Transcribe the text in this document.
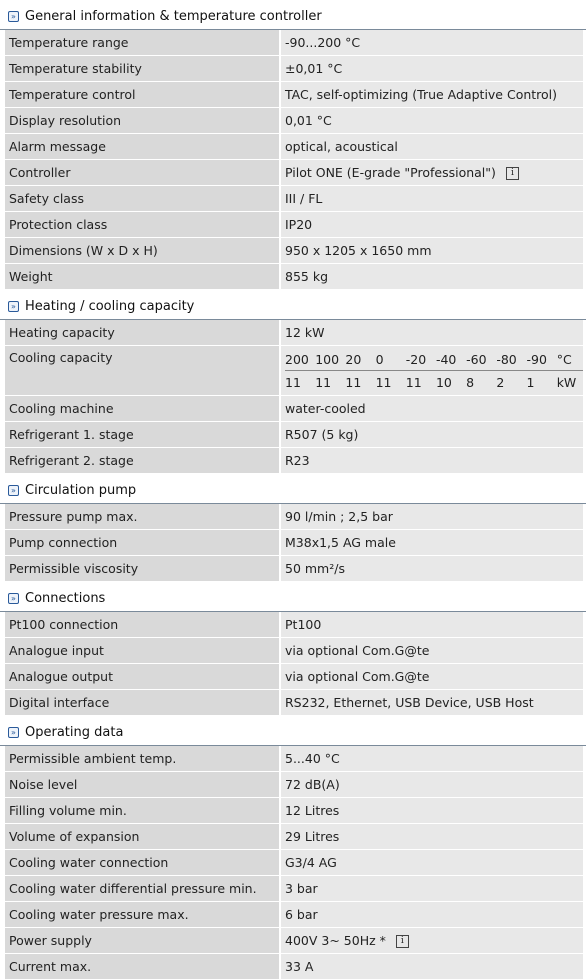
» General information & temperature controller
Temperature range	-90...200 °C
Temperature stability	±0,01 °C
Temperature control	TAC, self-optimizing (True Adaptive Control)
Display resolution	0,01 °C
Alarm message	optical, acoustical
Controller	Pilot ONE (E-grade "Professional") i
Safety class	III / FL
Protection class	IP20
Dimensions (W x D x H)	950 x 1205 x 1650 mm
Weight	855 kg
» Heating / cooling capacity
Heating capacity	12 kW
Cooling capacity		200	100	20	0	-20	-40	-60	-80	-90	°C
11	11	11	11	11	10	8	2	1	kW

Cooling machine	water-cooled
Refrigerant 1. stage	R507 (5 kg)
Refrigerant 2. stage	R23
» Circulation pump
Pressure pump max.	90 l/min ; 2,5 bar
Pump connection	M38x1,5 AG male
Permissible viscosity	50 mm²/s
» Connections
Pt100 connection	Pt100
Analogue input	via optional Com.G@te
Analogue output	via optional Com.G@te
Digital interface	RS232, Ethernet, USB Device, USB Host
» Operating data
Permissible ambient temp.	5...40 °C
Noise level	72 dB(A)
Filling volume min.	12 Litres
Volume of expansion	29 Litres
Cooling water connection	G3/4 AG
Cooling water differential pressure min.	3 bar
Cooling water pressure max.	6 bar
Power supply	400V 3~ 50Hz * i
Current max.	33 A
